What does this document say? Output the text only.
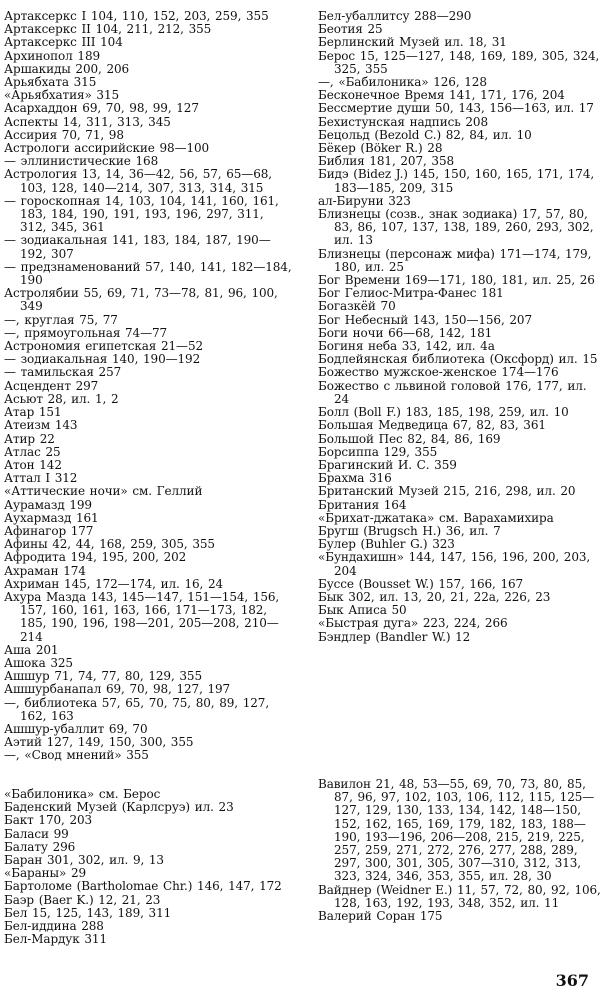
Артаксеркс I 104, 110, 152, 203, 259, 355
Артаксеркс II 104, 211, 212, 355
Артаксеркс III 104
Архинопол 189
Аршакиды 200, 206
Арьябхата 315
«Арьябхатия» 315
Асархаддон 69, 70, 98, 99, 127
Аспекты 14, 311, 313, 345
Ассирия 70, 71, 98
Астрологи ассирийские 98—100
— эллинистические 168
Астрология 13, 14, 36—42, 56, 57, 65—68, 103, 128, 140—214, 307, 313, 314, 315
— гороскопная 14, 103, 104, 141, 160, 161, 183, 184, 190, 191, 193, 196, 297, 311, 312, 345, 361
— зодиакальная 141, 183, 184, 187, 190—192, 307
— предзнаменований 57, 140, 141, 182—184, 190
Астролябии 55, 69, 71, 73—78, 81, 96, 100, 349
—, круглая 75, 77
—, прямоугольная 74—77
Астрономия египетская 21—52
— зодиакальная 140, 190—192
— тамильская 257
Асцендент 297
Асьют 28, ил. 1, 2
Атар 151
Атеизм 143
Атир 22
Атлас 25
Атон 142
Аттал I 312
«Аттические ночи» см. Геллий
Аурамазд 199
Аухармазд 161
Афинагор 177
Афины 42, 44, 168, 259, 305, 355
Афродита 194, 195, 200, 202
Ахраман 174
Ахриман 145, 172—174, ил. 16, 24
Ахура Мазда 143, 145—147, 151—154, 156, 157, 160, 161, 163, 166, 171—173, 182, 185, 190, 196, 198—201, 205—208, 210—214
Аша 201
Ашока 325
Ашшур 71, 74, 77, 80, 129, 355
Ашшурбанапал 69, 70, 98, 127, 197
—, библиотека 57, 65, 70, 75, 80, 89, 127, 162, 163
Ашшур-убаллит 69, 70
Аэтий 127, 149, 150, 300, 355
—, «Свод мнений» 355
Бел-убаллитсу 288—290
Беотия 25
Берлинский Музей ил. 18, 31
Берос 15, 125—127, 148, 169, 189, 305, 324, 325, 355
—, «Бабилоника» 126, 128
Бесконечное Время 141, 171, 176, 204
Бессмертие души 50, 143, 156—163, ил. 17
Бехистунская надпись 208
Бецольд (Bezold C.) 82, 84, ил. 10
Бёкер (Böker R.) 28
Библия 181, 207, 358
Бидэ (Bidez J.) 145, 150, 160, 165, 171, 174, 183—185, 209, 315
ал-Бируни 323
Близнецы (созв., знак зодиака) 17, 57, 80, 83, 86, 107, 137, 138, 189, 260, 293, 302, ил. 13
Близнецы (персонаж мифа) 171—174, 179, 180, ил. 25
Бог Времени 169—171, 180, 181, ил. 25, 26
Бог Гелиос-Митра-Фанес 181
Богазкёй 70
Бог Небесный 143, 150—156, 207
Боги ночи 66—68, 142, 181
Богиня неба 33, 142, ил. 4а
Бодлейянская библиотека (Оксфорд) ил. 15
Божество мужское-женское 174—176
Божество с львиной головой 176, 177, ил. 24
Болл (Boll F.) 183, 185, 198, 259, ил. 10
Большая Медведица 67, 82, 83, 361
Большой Пес 82, 84, 86, 169
Борсиппа 129, 355
Брагинский И. С. 359
Брахма 316
Британский Музей 215, 216, 298, ил. 20
Британия 164
«Брихат-джатака» см. Варахамихира
Бругш (Brugsch H.) 36, ил. 7
Булер (Buhler G.) 323
«Бундахишн» 144, 147, 156, 196, 200, 203, 204
Буссе (Bousset W.) 157, 166, 167
Бык 302, ил. 13, 20, 21, 22а, 226, 23
Бык Аписа 50
«Быстрая дуга» 223, 224, 266
Бэндлер (Bandler W.) 12
«Бабилоника» см. Берос
Баденский Музей (Карлсруэ) ил. 23
Бакт 170, 203
Баласи 99
Балату 296
Баран 301, 302, ил. 9, 13
«Бараны» 29
Бартоломе (Bartholomae Chr.) 146, 147, 172
Баэр (Baer K.) 12, 21, 23
Бел 15, 125, 143, 189, 311
Бел-иддина 288
Бел-Мардук 311
Вавилон 21, 48, 53—55, 69, 70, 73, 80, 85, 87, 96, 97, 102, 103, 106, 112, 115, 125—127, 129, 130, 133, 134, 142, 148—150, 152, 162, 165, 169, 179, 182, 183, 188—190, 193—196, 206—208, 215, 219, 225, 257, 259, 271, 272, 276, 277, 288, 289, 297, 300, 301, 305, 307—310, 312, 313, 323, 324, 346, 353, 355, ил. 28, 30
Вайднер (Weidner E.) 11, 57, 72, 80, 92, 106, 128, 163, 192, 193, 348, 352, ил. 11
Валерий Соран 175
367
